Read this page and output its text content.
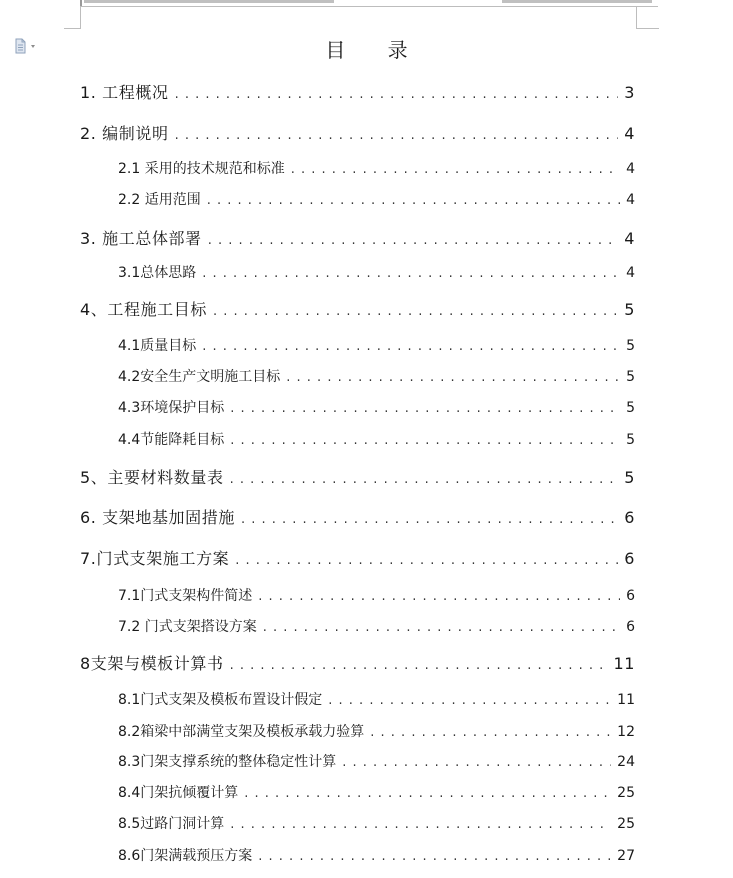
目 录
1. 工程概况 . . .	3
2. 编制说明 . . .	4
2.1 采用的技术规范和标准 . . .	4
2.2 适用范围 . . .	4
3. 施工总体部署 . . .	4
3.1总体思路 . . .	4
4、工程施工目标 . . .	5
4.1质量目标 . . .	5
4.2安全生产文明施工目标 . . .	5
4.3环境保护目标 . . .	5
4.4节能降耗目标 . . .	5
5、主要材料数量表 . . .	5
6. 支架地基加固措施 . . .	6
7.门式支架施工方案 . . .	6
7.1门式支架构件简述 . . .	6
7.2 门式支架搭设方案 . . .	6
8支架与模板计算书 . . .	11
8.1门式支架及模板布置设计假定 . . .	11
8.2箱梁中部满堂支架及模板承载力验算 . . .	12
8.3门架支撑系统的整体稳定性计算 . . .	24
8.4门架抗倾覆计算 . . .	25
8.5过路门洞计算 . . .	25
8.6门架满载预压方案 . . .	27
